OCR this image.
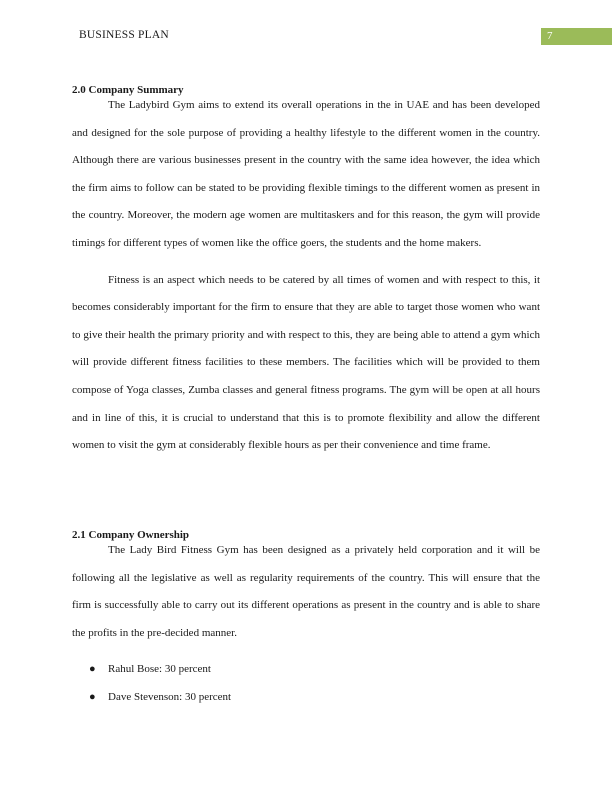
BUSINESS PLAN	7

2.0 Company Summary

The Ladybird Gym aims to extend its overall operations in the in UAE and has been developed and designed for the sole purpose of providing a healthy lifestyle to the different women in the country. Although there are various businesses present in the country with the same idea however, the idea which the firm aims to follow can be stated to be providing flexible timings to the different women as present in the country. Moreover, the modern age women are multitaskers and for this reason, the gym will provide timings for different types of women like the office goers, the students and the home makers.

Fitness is an aspect which needs to be catered by all times of women and with respect to this, it becomes considerably important for the firm to ensure that they are able to target those women who want to give their health the primary priority and with respect to this, they are being able to attend a gym which will provide different fitness facilities to these members. The facilities which will be provided to them compose of Yoga classes, Zumba classes and general fitness programs. The gym will be open at all hours and in line of this, it is crucial to understand that this is to promote flexibility and allow the different women to visit the gym at considerably flexible hours as per their convenience and time frame.

2.1 Company Ownership

The Lady Bird Fitness Gym has been designed as a privately held corporation and it will be following all the legislative as well as regularity requirements of the country. This will ensure that the firm is successfully able to carry out its different operations as present in the country and is able to share the profits in the pre-decided manner.

● Rahul Bose: 30 percent
● Dave Stevenson: 30 percent
